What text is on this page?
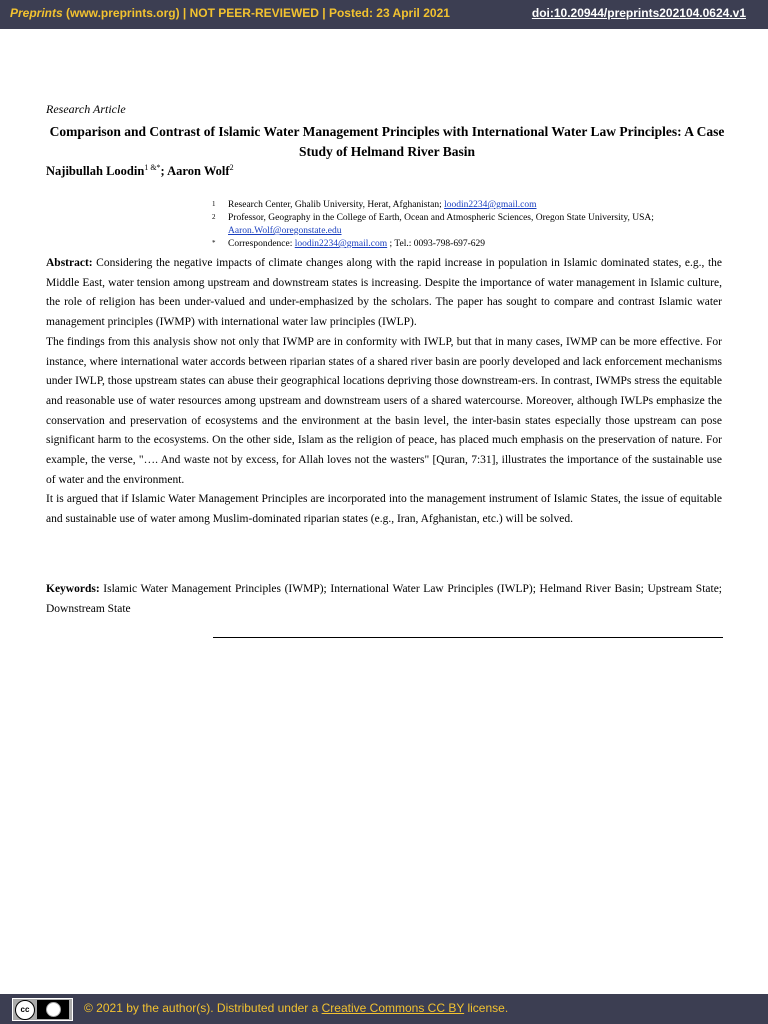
Preprints (www.preprints.org) | NOT PEER-REVIEWED | Posted: 23 April 2021	doi:10.20944/preprints202104.0624.v1
Research Article
Comparison and Contrast of Islamic Water Management Principles with International Water Law Principles: A Case Study of Helmand River Basin
Najibullah Loodin$^{1 \&*}$; Aaron Wolf$^2$
1 Research Center, Ghalib University, Herat, Afghanistan; loodin2234@gmail.com
2 Professor, Geography in the College of Earth, Ocean and Atmospheric Sciences, Oregon State University, USA; Aaron.Wolf@oregonstate.edu
* Correspondence: loodin2234@gmail.com ; Tel.: 0093-798-697-629

Abstract: Considering the negative impacts of climate changes along with the rapid increase in population in Islamic dominated states, e.g., the Middle East, water tension among upstream and downstream states is increasing. Despite the importance of water management in Islamic culture, the role of religion has been under-valued and under-emphasized by the scholars. The paper has sought to compare and contrast Islamic water management principles (IWMP) with international water law principles (IWLP).

The findings from this analysis show not only that IWMP are in conformity with IWLP, but that in many cases, IWMP can be more effective. For instance, where international water accords between riparian states of a shared river basin are poorly developed and lack enforcement mechanisms under IWLP, those upstream states can abuse their geographical locations depriving those downstream-ers. In contrast, IWMPs stress the equitable and reasonable use of water resources among upstream and downstream users of a shared watercourse. Moreover, although IWLPs emphasize the conservation and preservation of ecosystems and the environment at the basin level, the inter-basin states especially those upstream can pose significant harm to the ecosystems. On the other side, Islam as the religion of peace, has placed much emphasis on the preservation of nature. For example, the verse, "…. And waste not by excess, for Allah loves not the wasters" [Quran, 7:31], illustrates the importance of the sustainable use of water and the environment.

It is argued that if Islamic Water Management Principles are incorporated into the management instrument of Islamic States, the issue of equitable and sustainable use of water among Muslim-dominated riparian states (e.g., Iran, Afghanistan, etc.) will be solved.

Keywords: Islamic Water Management Principles (IWMP); International Water Law Principles (IWLP); Helmand River Basin; Upstream State; Downstream State
cc	© 2021 by the author(s). Distributed under a Creative Commons CC BY license.
